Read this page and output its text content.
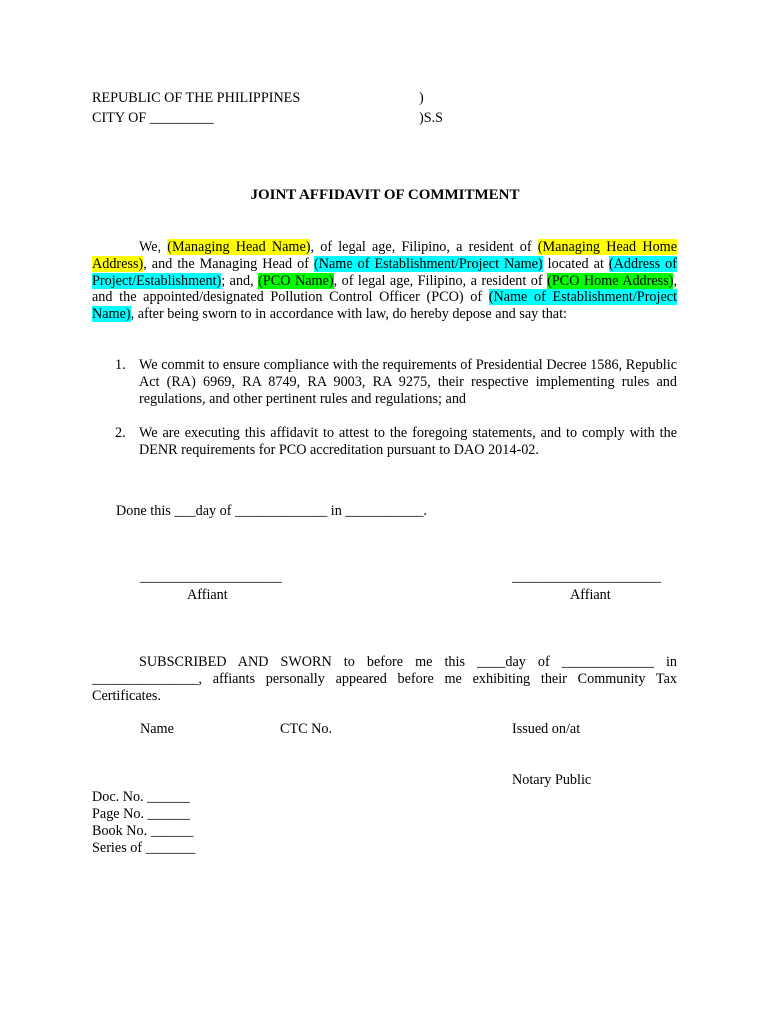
REPUBLIC OF THE PHILIPPINES	)
CITY OF _________	)S.S
JOINT AFFIDAVIT OF COMMITMENT
We, (Managing Head Name), of legal age, Filipino, a resident of (Managing Head Home Address), and the Managing Head of (Name of Establishment/Project Name) located at (Address of Project/Establishment); and, (PCO Name), of legal age, Filipino, a resident of (PCO Home Address), and the appointed/designated Pollution Control Officer (PCO) of (Name of Establishment/Project Name), after being sworn to in accordance with law, do hereby depose and say that:
1. We commit to ensure compliance with the requirements of Presidential Decree 1586, Republic Act (RA) 6969, RA 8749, RA 9003, RA 9275, their respective implementing rules and regulations, and other pertinent rules and regulations; and
2. We are executing this affidavit to attest to the foregoing statements, and to comply with the DENR requirements for PCO accreditation pursuant to DAO 2014-02.
Done this ___day of _____________ in ___________.
____________________
Affiant
_____________________
Affiant
SUBSCRIBED AND SWORN to before me this ____day of _____________ in _______________, affiants personally appeared before me exhibiting their Community Tax Certificates.
Name	CTC No.	Issued on/at
Notary Public
Doc. No. ______
Page No. ______
Book No. ______
Series of _______
